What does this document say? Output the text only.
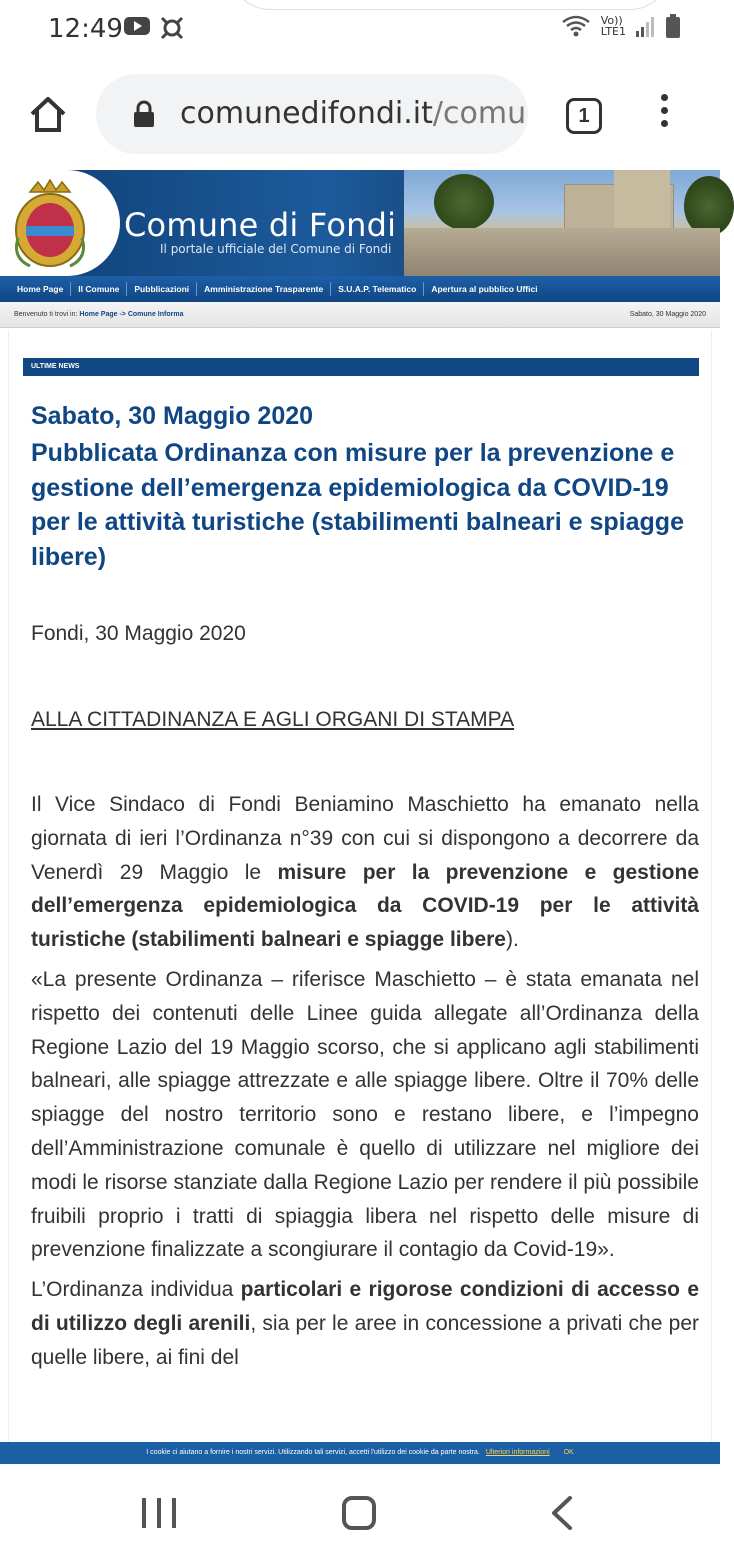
12:49	Vo))
LTE1
comunedifondi.it/comu	1
Comune di Fondi
Il portale ufficiale del Comune di Fondi
Home Page	Il Comune	Pubblicazioni	Amministrazione Trasparente	S.U.A.P. Telematico	Apertura al pubblico Uffici
Benvenuto ti trovi in: Home Page -> Comune Informa	Sabato, 30 Maggio 2020
ULTIME NEWS
Sabato, 30 Maggio 2020
Pubblicata Ordinanza con misure per la prevenzione e gestione dell’emergenza epidemiologica da COVID-19 per le attività turistiche (stabilimenti balneari e spiagge libere)
Fondi, 30 Maggio 2020
ALLA CITTADINANZA E AGLI ORGANI DI STAMPA

Il Vice Sindaco di Fondi Beniamino Maschietto ha emanato nella giornata di ieri l’Ordinanza n°39 con cui si dispongono a decorrere da Venerdì 29 Maggio le misure per la prevenzione e gestione dell’emergenza epidemiologica da COVID-19 per le attività turistiche (stabilimenti balneari e spiagge libere).

«La presente Ordinanza – riferisce Maschietto – è stata emanata nel rispetto dei contenuti delle Linee guida allegate all’Ordinanza della Regione Lazio del 19 Maggio scorso, che si applicano agli stabilimenti balneari, alle spiagge attrezzate e alle spiagge libere. Oltre il 70% delle spiagge del nostro territorio sono e restano libere, e l’impegno dell’Amministrazione comunale è quello di utilizzare nel migliore dei modi le risorse stanziate dalla Regione Lazio per rendere il più possibile fruibili proprio i tratti di spiaggia libera nel rispetto delle misure di prevenzione finalizzate a scongiurare il contagio da Covid-19».

L’Ordinanza individua particolari e rigorose condizioni di accesso e di utilizzo degli arenili, sia per le aree in concessione a privati che per quelle libere, ai fini del

I cookie ci aiutano a fornire i nostri servizi. Utilizzando tali servizi, accetti l'utilizzo dei cookie da parte nostra. Ulteriori informazioni OK
